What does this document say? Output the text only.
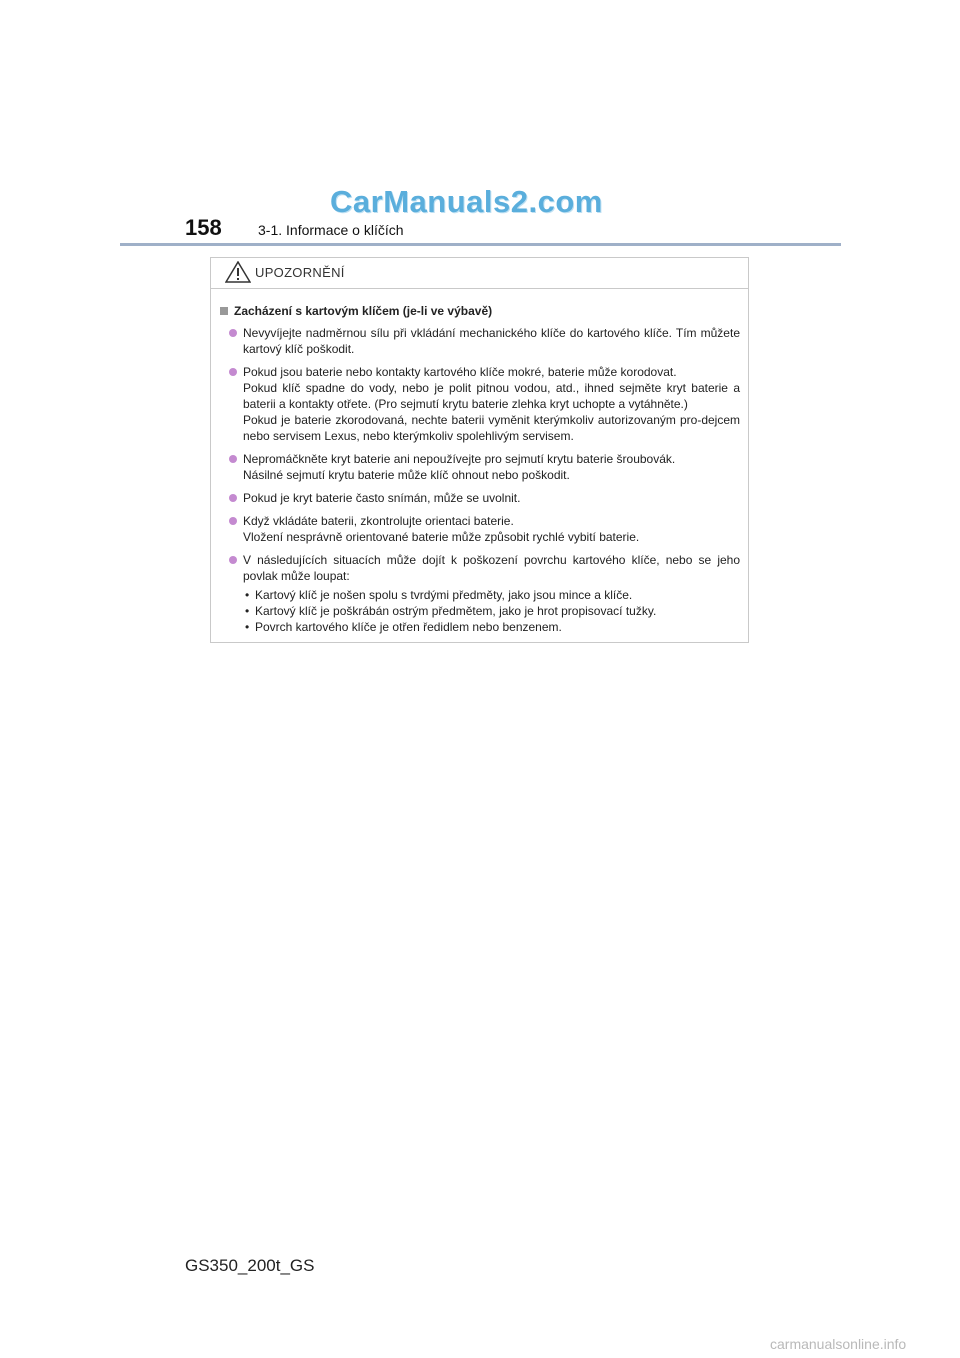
CarManuals2.com
158	3-1. Informace o klíčích
UPOZORNĚNÍ
Zacházení s kartovým klíčem (je-li ve výbavě)
Nevyvíjejte nadměrnou sílu při vkládání mechanického klíče do kartového klíče. Tím můžete kartový klíč poškodit.
Pokud jsou baterie nebo kontakty kartového klíče mokré, baterie může korodovat.
Pokud klíč spadne do vody, nebo je polit pitnou vodou, atd., ihned sejměte kryt baterie a baterii a kontakty otřete. (Pro sejmutí krytu baterie zlehka kryt uchopte a vytáhněte.)
Pokud je baterie zkorodovaná, nechte baterii vyměnit kterýmkoliv autorizovaným pro-dejcem nebo servisem Lexus, nebo kterýmkoliv spolehlivým servisem.
Nepromáčkněte kryt baterie ani nepoužívejte pro sejmutí krytu baterie šroubovák.
Násilné sejmutí krytu baterie může klíč ohnout nebo poškodit.
Pokud je kryt baterie často snímán, může se uvolnit.
Když vkládáte baterii, zkontrolujte orientaci baterie.
Vložení nesprávně orientované baterie může způsobit rychlé vybití baterie.
V následujících situacích může dojít k poškození povrchu kartového klíče, nebo se jeho povlak může loupat:
• Kartový klíč je nošen spolu s tvrdými předměty, jako jsou mince a klíče.
• Kartový klíč je poškrábán ostrým předmětem, jako je hrot propisovací tužky.
• Povrch kartového klíče je otřen ředidlem nebo benzenem.
GS350_200t_GS
carmanualsonline.info
